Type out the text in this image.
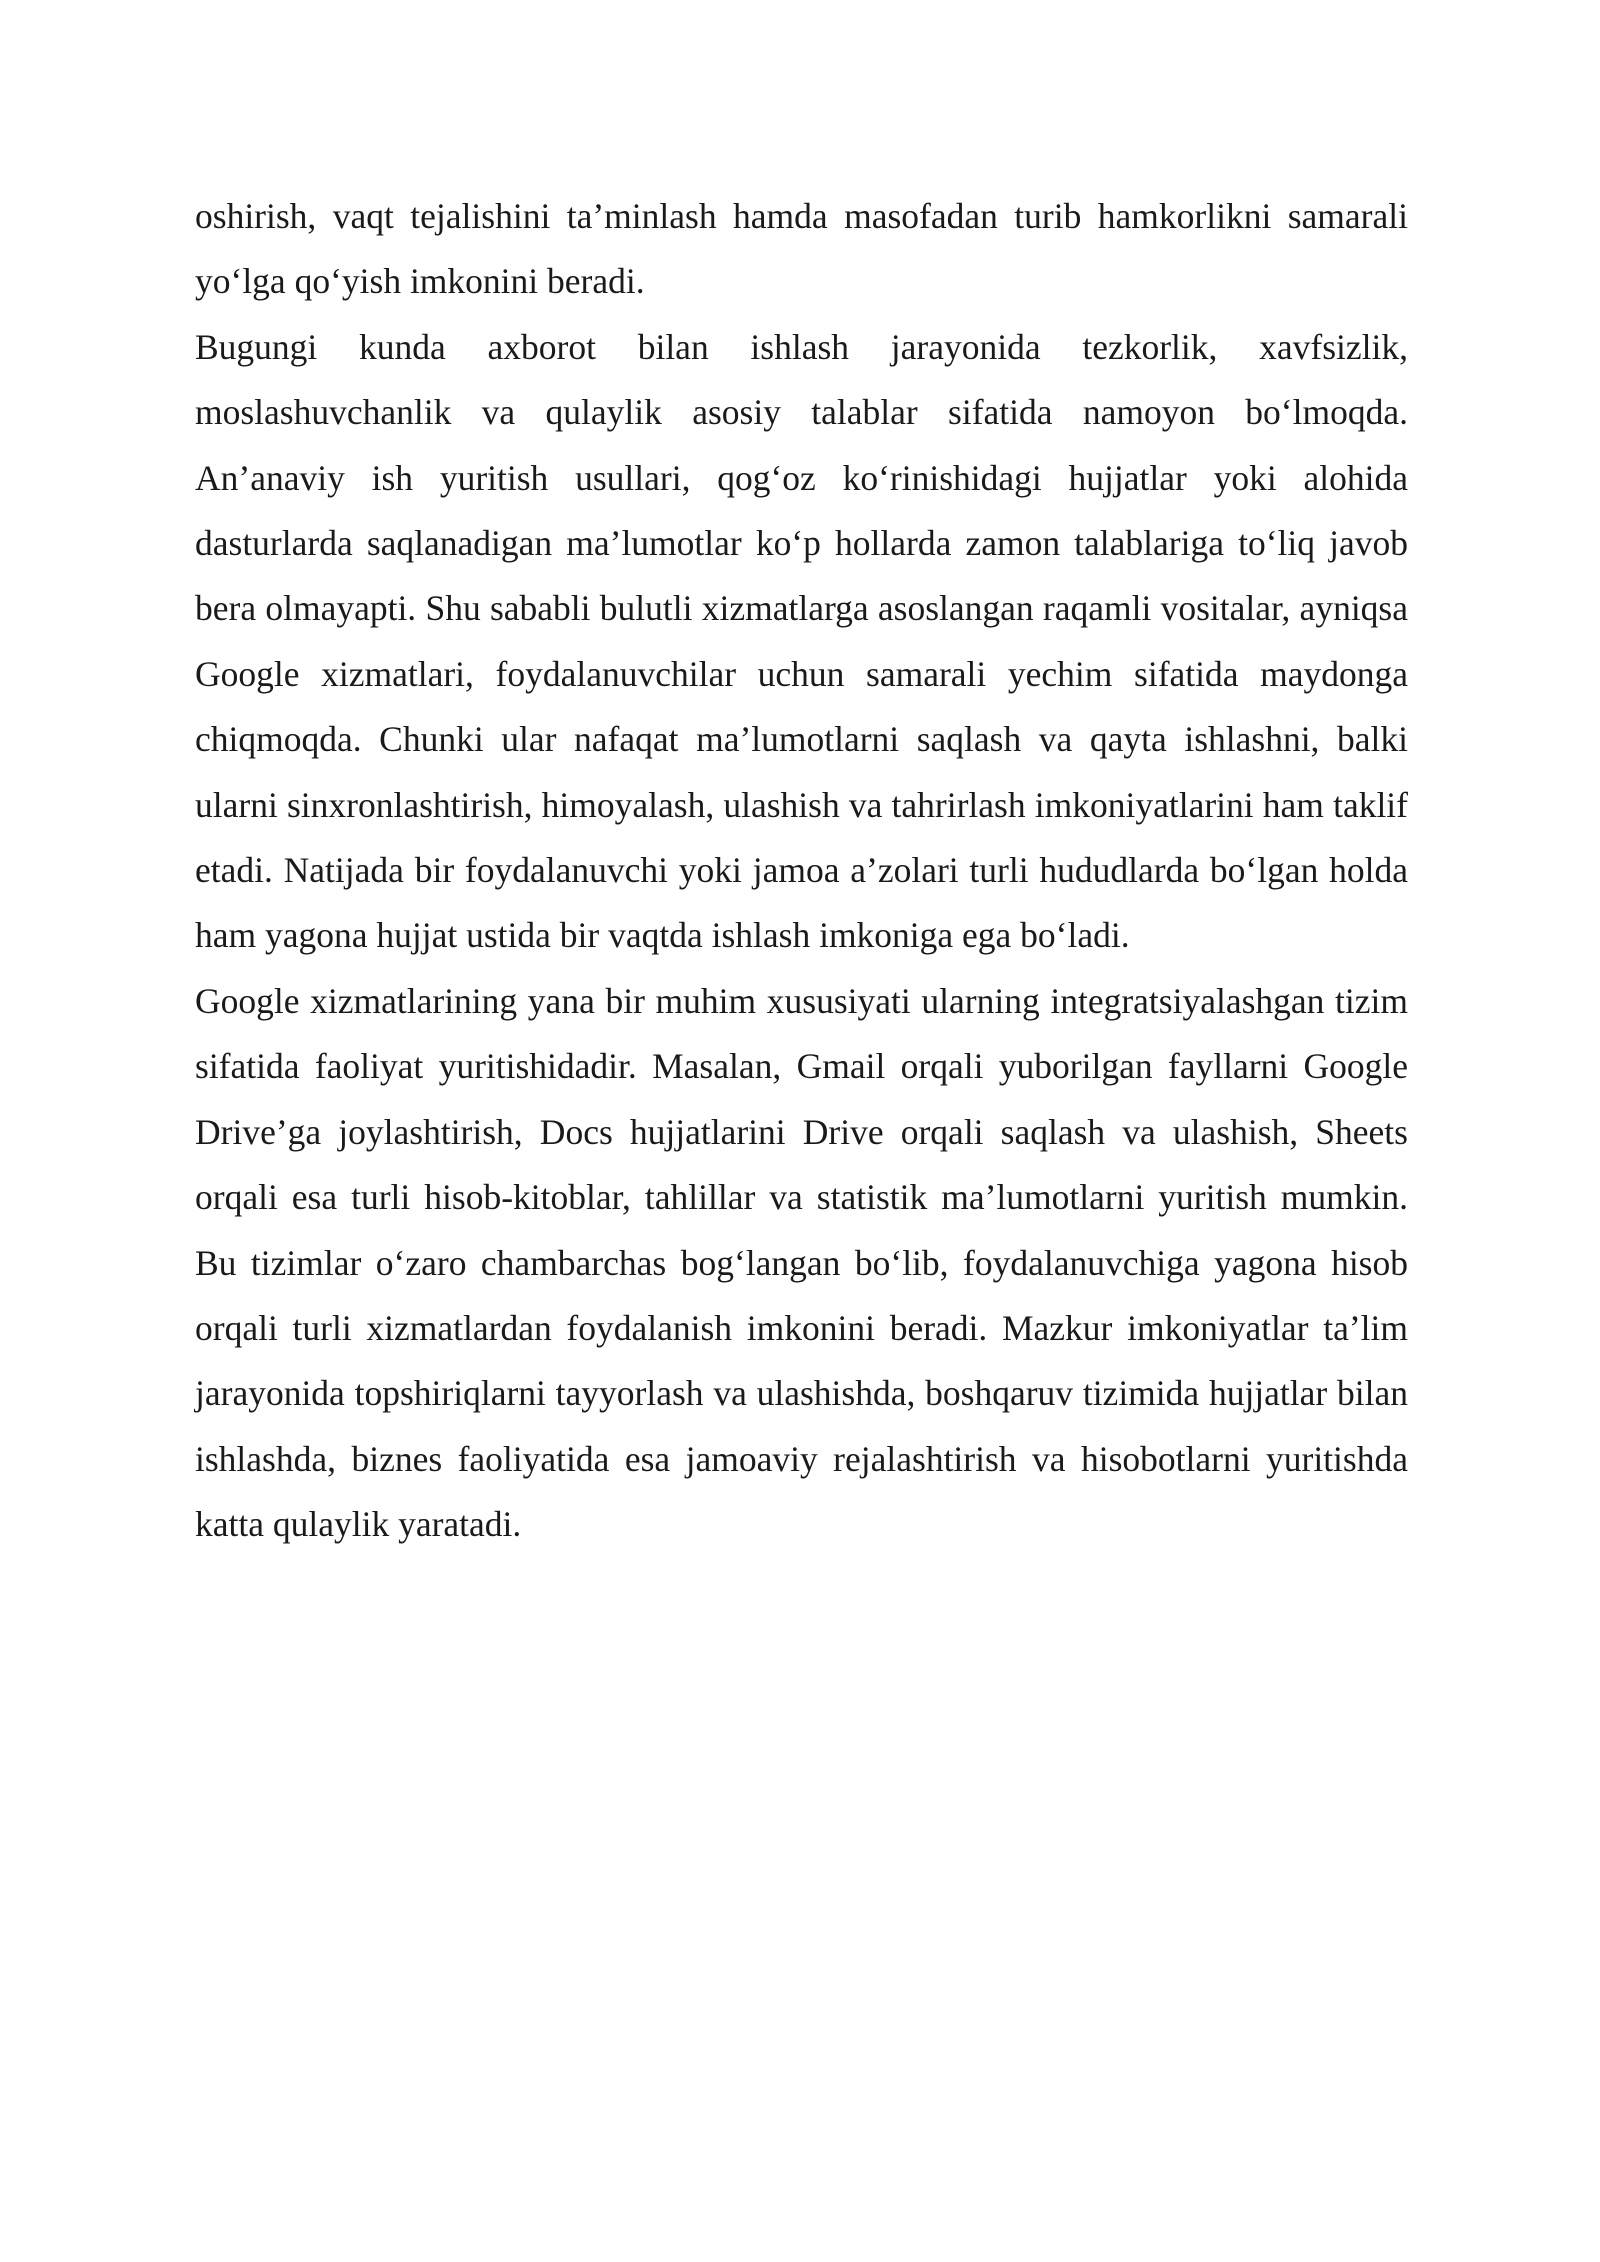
oshirish, vaqt tejalishini ta’minlash hamda masofadan turib hamkorlikni samarali yo‘lga qo‘yish imkonini beradi.

Bugungi kunda axborot bilan ishlash jarayonida tezkorlik, xavfsizlik, moslashuvchanlik va qulaylik asosiy talablar sifatida namoyon bo‘lmoqda. An’anaviy ish yuritish usullari, qog‘oz ko‘rinishidagi hujjatlar yoki alohida dasturlarda saqlanadigan ma’lumotlar ko‘p hollarda zamon talablariga to‘liq javob bera olmayapti. Shu sababli bulutli xizmatlarga asoslangan raqamli vositalar, ayniqsa Google xizmatlari, foydalanuvchilar uchun samarali yechim sifatida maydonga chiqmoqda. Chunki ular nafaqat ma’lumotlarni saqlash va qayta ishlashni, balki ularni sinxronlashtirish, himoyalash, ulashish va tahrirlash imkoniyatlarini ham taklif etadi. Natijada bir foydalanuvchi yoki jamoa a’zolari turli hududlarda bo‘lgan holda ham yagona hujjat ustida bir vaqtda ishlash imkoniga ega bo‘ladi.

Google xizmatlarining yana bir muhim xususiyati ularning integratsiyalashgan tizim sifatida faoliyat yuritishidadir. Masalan, Gmail orqali yuborilgan fayllarni Google Drive’ga joylashtirish, Docs hujjatlarini Drive orqali saqlash va ulashish, Sheets orqali esa turli hisob-kitoblar, tahlillar va statistik ma’lumotlarni yuritish mumkin. Bu tizimlar o‘zaro chambarchas bog‘langan bo‘lib, foydalanuvchiga yagona hisob orqali turli xizmatlardan foydalanish imkonini beradi. Mazkur imkoniyatlar ta’lim jarayonida topshiriqlarni tayyorlash va ulashishda, boshqaruv tizimida hujjatlar bilan ishlashda, biznes faoliyatida esa jamoaviy rejalashtirish va hisobotlarni yuritishda katta qulaylik yaratadi.
